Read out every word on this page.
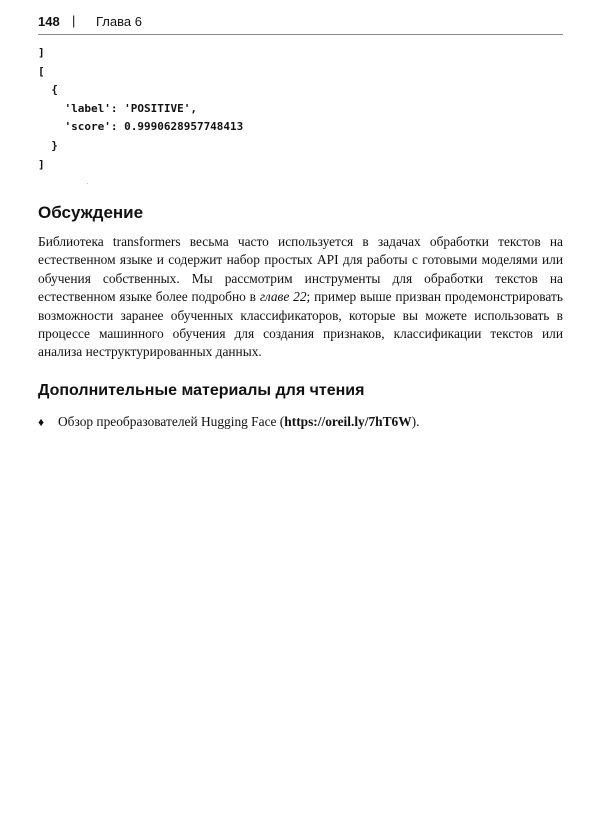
148 | Глава 6
]
[
{
'label': 'POSITIVE',
'score': 0.9990628957748413
}
]
Обсуждение

Библиотека transformers весьма часто используется в задачах обработки текстов на естественном языке и содержит набор простых API для работы с готовыми моделями или обучения собственных. Мы рассмотрим инструменты для обработки текстов на естественном языке более подробно в главе 22; пример выше призван продемонстрировать возможности заранее обученных классификаторов, которые вы можете использовать в процессе машинного обучения для создания признаков, классификации текстов или анализа неструктурированных данных.

Дополнительные материалы для чтения
♦ Обзор преобразователей Hugging Face (https://oreil.ly/7hT6W).
